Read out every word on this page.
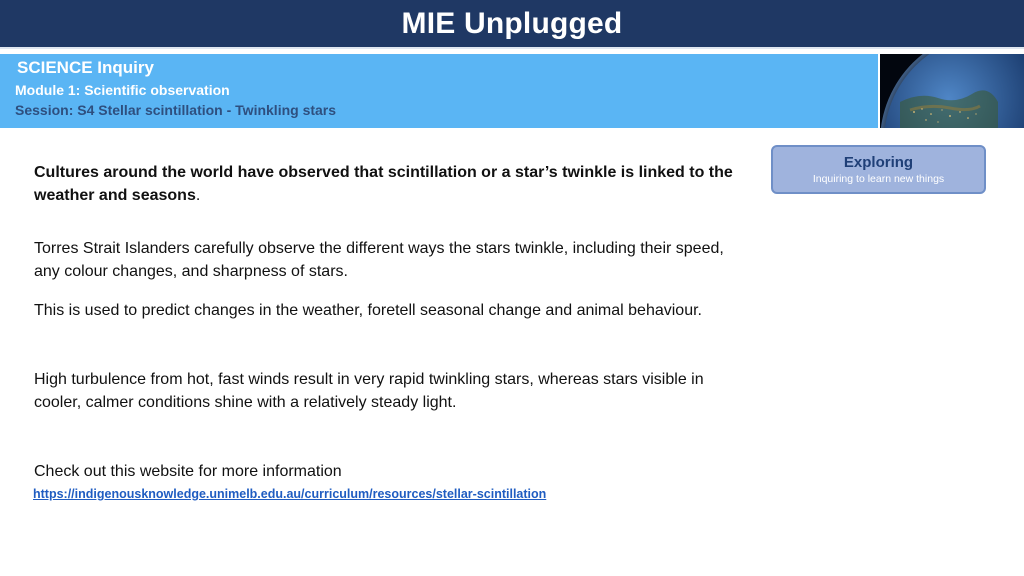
MIE Unplugged
SCIENCE Inquiry
Module 1: Scientific observation
Session: S4 Stellar scintillation - Twinkling stars
Exploring
Inquiring to learn new things
Cultures around the world have observed that scintillation or a star’s twinkle is linked to the weather and seasons.
Torres Strait Islanders carefully observe the different ways the stars twinkle, including their speed, any colour changes, and sharpness of stars.
This is used to predict changes in the weather, foretell seasonal change and animal behaviour.
High turbulence from hot, fast winds result in very rapid twinkling stars, whereas stars visible in cooler, calmer conditions shine with a relatively steady light.
Check out this website for more information
https://indigenousknowledge.unimelb.edu.au/curriculum/resources/stellar-scintillation
